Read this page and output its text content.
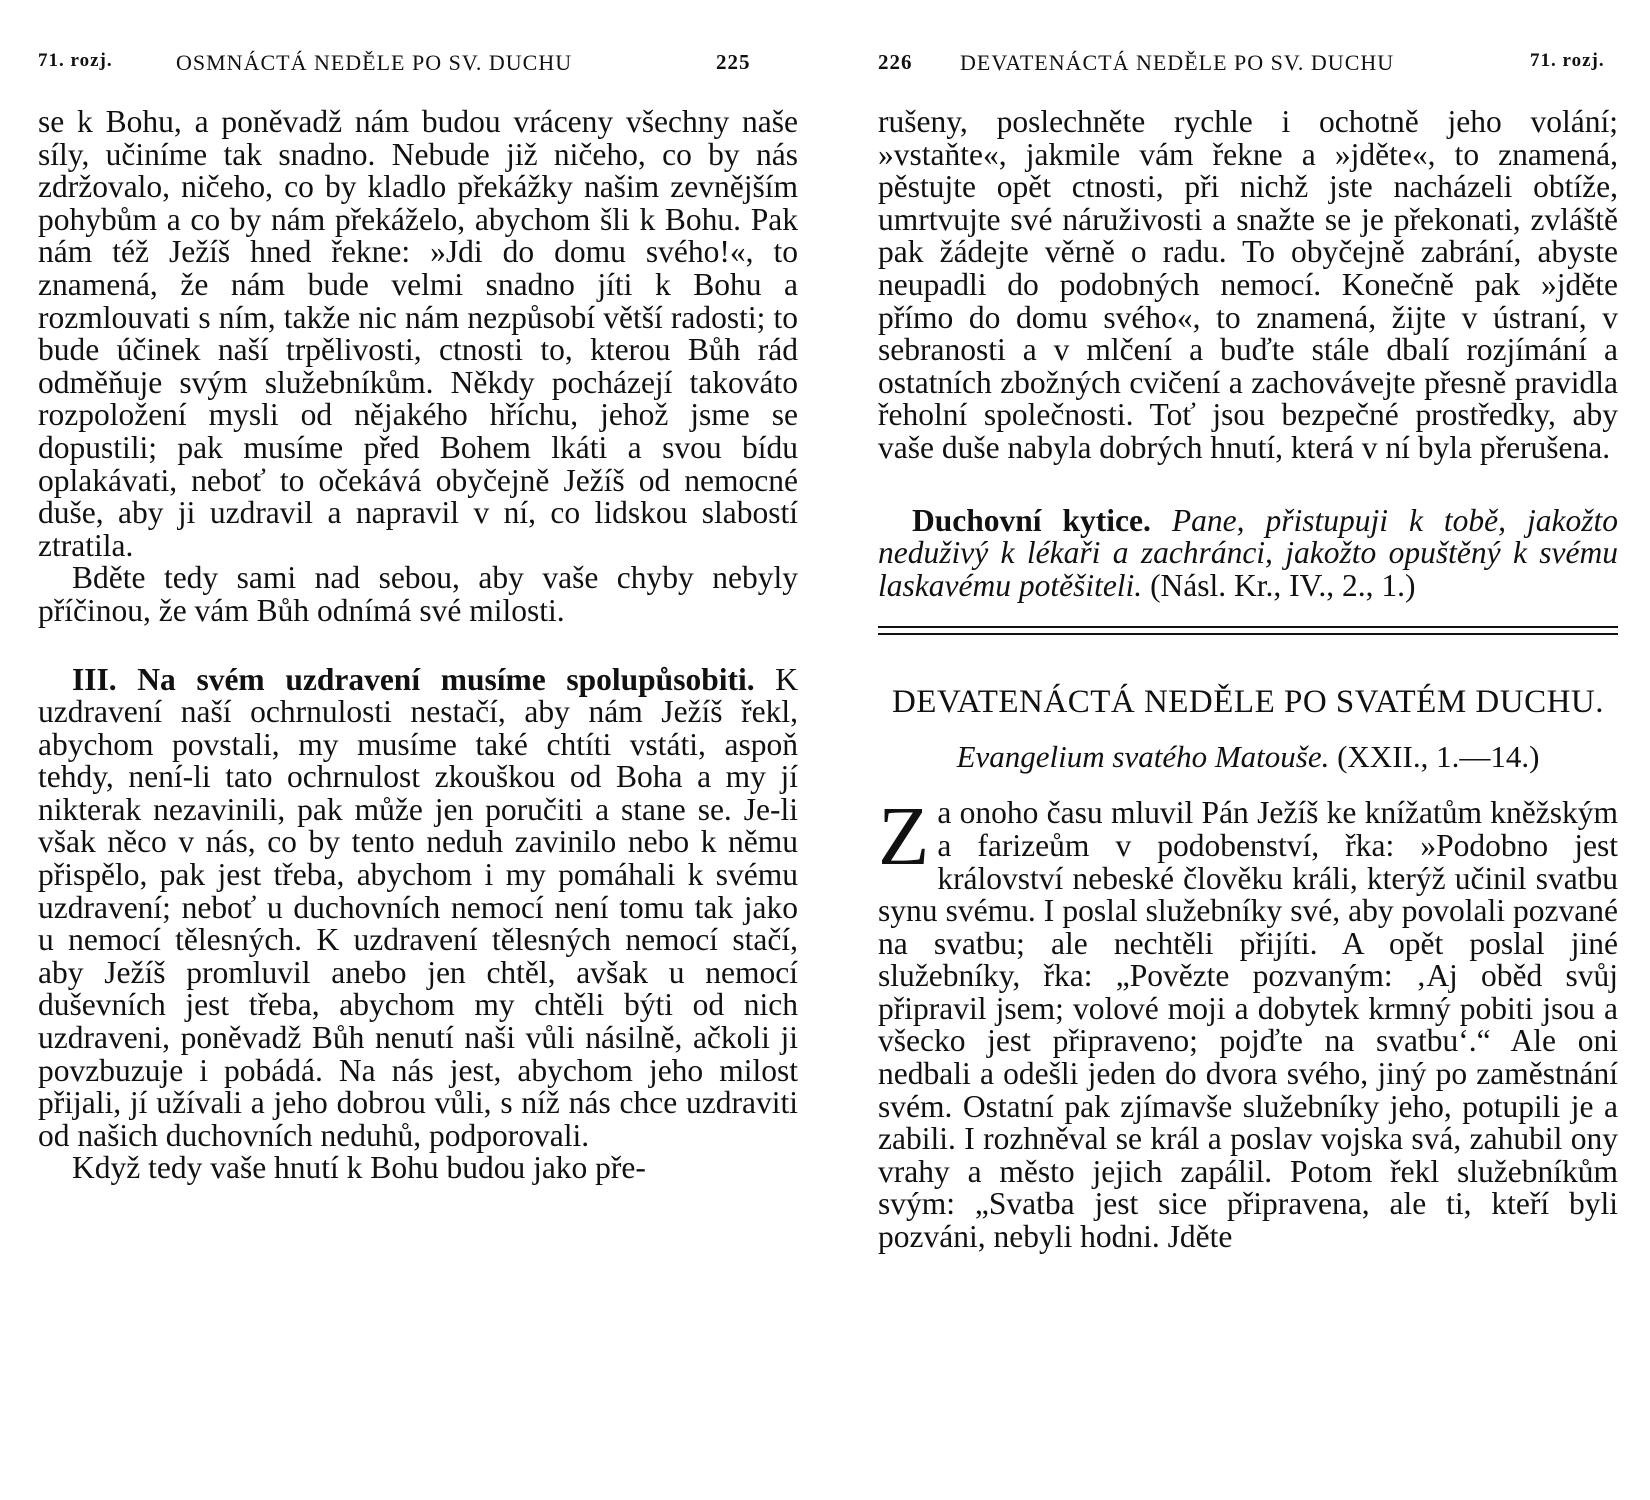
71. rozj.	OSMNÁCTÁ NEDĚLE PO SV. DUCHU	225

se k Bohu, a poněvadž nám budou vráceny všechny naše síly, učiníme tak snadno. Nebude již ničeho, co by nás zdržovalo, ničeho, co by kladlo překážky našim zevnějším pohybům a co by nám překáželo, abychom šli k Bohu. Pak nám též Ježíš hned řekne: »Jdi do domu svého!«, to znamená, že nám bude velmi snadno jíti k Bohu a rozmlouvati s ním, takže nic nám nezpůsobí větší radosti; to bude účinek naší trpělivosti, ctnosti to, kterou Bůh rád odměňuje svým služebníkům. Někdy pocházejí takováto rozpoložení mysli od nějakého hříchu, jehož jsme se dopustili; pak musíme před Bohem lkáti a svou bídu oplakávati, neboť to očekává obyčejně Ježíš od nemocné duše, aby ji uzdravil a napravil v ní, co lidskou slabostí ztratila.

Bděte tedy sami nad sebou, aby vaše chyby nebyly příčinou, že vám Bůh odnímá své milosti.

III. Na svém uzdravení musíme spolupůsobiti. K uzdravení naší ochrnulosti nestačí, aby nám Ježíš řekl, abychom povstali, my musíme také chtíti vstáti, aspoň tehdy, není-li tato ochrnulost zkouškou od Boha a my jí nikterak nezavinili, pak může jen poručiti a stane se. Je-li však něco v nás, co by tento neduh zavinilo nebo k němu přispělo, pak jest třeba, abychom i my pomáhali k svému uzdravení; neboť u duchovních nemocí není tomu tak jako u nemocí tělesných. K uzdravení tělesných nemocí stačí, aby Ježíš promluvil anebo jen chtěl, avšak u nemocí duševních jest třeba, abychom my chtěli býti od nich uzdraveni, poněvadž Bůh nenutí naši vůli násilně, ačkoli ji povzbuzuje i pobádá. Na nás jest, abychom jeho milost přijali, jí užívali a jeho dobrou vůli, s níž nás chce uzdraviti od našich duchovních neduhů, podporovali.

Když tedy vaše hnutí k Bohu budou jako pře-

226 DEVATENÁCTÁ NEDĚLE PO SV. DUCHU	71. rozj.

rušeny, poslechněte rychle i ochotně jeho volání; »vstaňte«, jakmile vám řekne a »jděte«, to znamená, pěstujte opět ctnosti, při nichž jste nacházeli obtíže, umrtvujte své náruživosti a snažte se je překonati, zvláště pak žádejte věrně o radu. To obyčejně zabrání, abyste neupadli do podobných nemocí. Konečně pak »jděte přímo do domu svého«, to znamená, žijte v ústraní, v sebranosti a v mlčení a buďte stále dbalí rozjímání a ostatních zbožných cvičení a zachovávejte přesně pravidla řeholní společnosti. Toť jsou bezpečné prostředky, aby vaše duše nabyla dobrých hnutí, která v ní byla přerušena.

Duchovní kytice. Pane, přistupuji k tobě, jakožto neduživý k lékaři a zachránci, jakožto opuštěný k svému laskavému potěšiteli. (Násl. Kr., IV., 2., 1.)

DEVATENÁCTÁ NEDĚLE PO SVATÉM DUCHU.
Evangelium svatého Matouše. (XXII., 1.—14.)

Za onoho času mluvil Pán Ježíš ke knížatům kněžským a farizeům v podobenství, řka: »Podobno jest království nebeské člověku králi, kterýž učinil svatbu synu svému. I poslal služebníky své, aby povolali pozvané na svatbu; ale nechtěli přijíti. A opět poslal jiné služebníky, řka: „Povězte pozvaným: ‚Aj oběd svůj připravil jsem; volové moji a dobytek krmný pobiti jsou a všecko jest připraveno; pojďte na svatbu‘.“ Ale oni nedbali a odešli jeden do dvora svého, jiný po zaměstnání svém. Ostatní pak zjímavše služebníky jeho, potupili je a zabili. I rozhněval se král a poslav vojska svá, zahubil ony vrahy a město jejich zapálil. Potom řekl služebníkům svým: „Svatba jest sice připravena, ale ti, kteří byli pozváni, nebyli hodni. Jděte
